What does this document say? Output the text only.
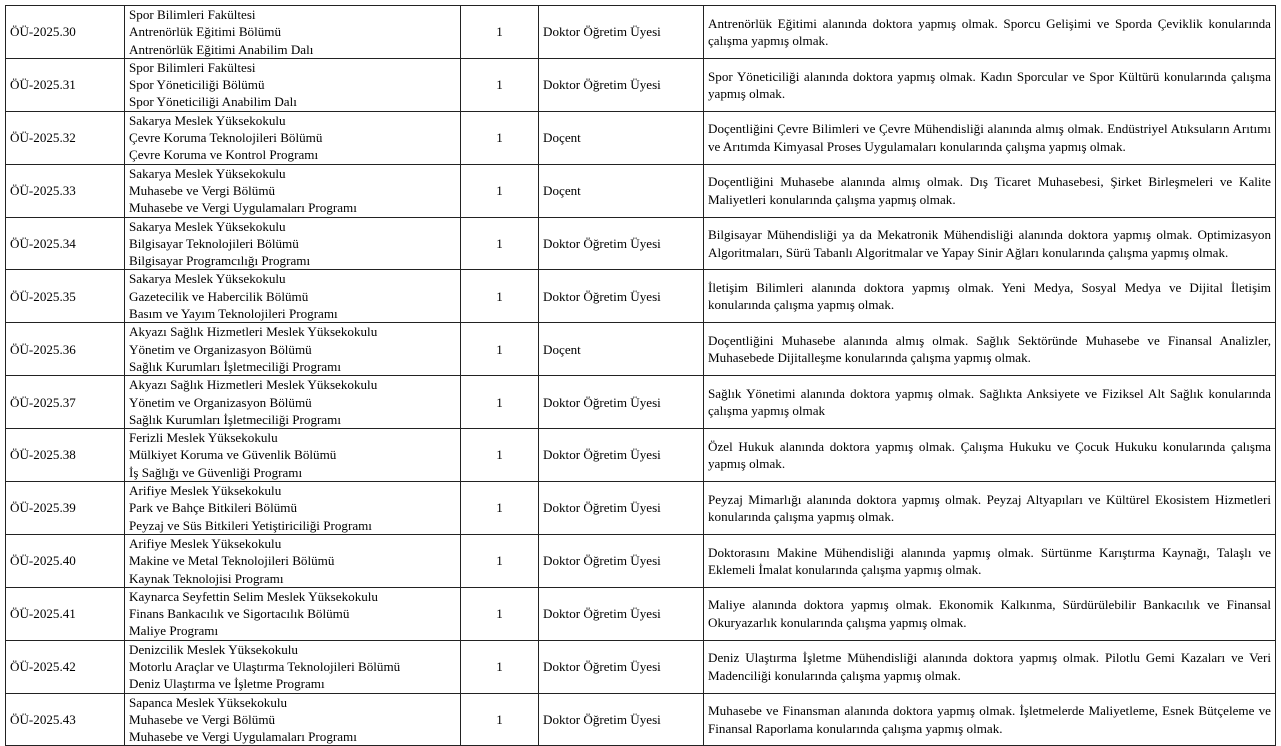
ÖÜ-2025.30	Spor Bilimleri Fakültesi
Antrenörlük Eğitimi Bölümü
Antrenörlük Eğitimi Anabilim Dalı	1	Doktor Öğretim Üyesi	Antrenörlük Eğitimi alanında doktora yapmış olmak. Sporcu Gelişimi ve Sporda Çeviklik konularında çalışma yapmış olmak.
ÖÜ-2025.31	Spor Bilimleri Fakültesi
Spor Yöneticiliği Bölümü
Spor Yöneticiliği Anabilim Dalı	1	Doktor Öğretim Üyesi	Spor Yöneticiliği alanında doktora yapmış olmak. Kadın Sporcular ve Spor Kültürü konularında çalışma yapmış olmak.
ÖÜ-2025.32	Sakarya Meslek Yüksekokulu
Çevre Koruma Teknolojileri Bölümü
Çevre Koruma ve Kontrol Programı	1	Doçent	Doçentliğini Çevre Bilimleri ve Çevre Mühendisliği alanında almış olmak. Endüstriyel Atıksuların Arıtımı ve Arıtımda Kimyasal Proses Uygulamaları konularında çalışma yapmış olmak.
ÖÜ-2025.33	Sakarya Meslek Yüksekokulu
Muhasebe ve Vergi Bölümü
Muhasebe ve Vergi Uygulamaları Programı	1	Doçent	Doçentliğini Muhasebe alanında almış olmak. Dış Ticaret Muhasebesi, Şirket Birleşmeleri ve Kalite Maliyetleri konularında çalışma yapmış olmak.
ÖÜ-2025.34	Sakarya Meslek Yüksekokulu
Bilgisayar Teknolojileri Bölümü
Bilgisayar Programcılığı Programı	1	Doktor Öğretim Üyesi	Bilgisayar Mühendisliği ya da Mekatronik Mühendisliği alanında doktora yapmış olmak. Optimizasyon Algoritmaları, Sürü Tabanlı Algoritmalar ve Yapay Sinir Ağları konularında çalışma yapmış olmak.
ÖÜ-2025.35	Sakarya Meslek Yüksekokulu
Gazetecilik ve Habercilik Bölümü
Basım ve Yayım Teknolojileri Programı	1	Doktor Öğretim Üyesi	İletişim Bilimleri alanında doktora yapmış olmak. Yeni Medya, Sosyal Medya ve Dijital İletişim konularında çalışma yapmış olmak.
ÖÜ-2025.36	Akyazı Sağlık Hizmetleri Meslek Yüksekokulu
Yönetim ve Organizasyon Bölümü
Sağlık Kurumları İşletmeciliği Programı	1	Doçent	Doçentliğini Muhasebe alanında almış olmak. Sağlık Sektöründe Muhasebe ve Finansal Analizler, Muhasebede Dijitalleşme konularında çalışma yapmış olmak.
ÖÜ-2025.37	Akyazı Sağlık Hizmetleri Meslek Yüksekokulu
Yönetim ve Organizasyon Bölümü
Sağlık Kurumları İşletmeciliği Programı	1	Doktor Öğretim Üyesi	Sağlık Yönetimi alanında doktora yapmış olmak. Sağlıkta Anksiyete ve Fiziksel Alt Sağlık konularında çalışma yapmış olmak
ÖÜ-2025.38	Ferizli Meslek Yüksekokulu
Mülkiyet Koruma ve Güvenlik Bölümü
İş Sağlığı ve Güvenliği Programı	1	Doktor Öğretim Üyesi	Özel Hukuk alanında doktora yapmış olmak. Çalışma Hukuku ve Çocuk Hukuku konularında çalışma yapmış olmak.
ÖÜ-2025.39	Arifiye Meslek Yüksekokulu
Park ve Bahçe Bitkileri Bölümü
Peyzaj ve Süs Bitkileri Yetiştiriciliği Programı	1	Doktor Öğretim Üyesi	Peyzaj Mimarlığı alanında doktora yapmış olmak. Peyzaj Altyapıları ve Kültürel Ekosistem Hizmetleri konularında çalışma yapmış olmak.
ÖÜ-2025.40	Arifiye Meslek Yüksekokulu
Makine ve Metal Teknolojileri Bölümü
Kaynak Teknolojisi Programı	1	Doktor Öğretim Üyesi	Doktorasını Makine Mühendisliği alanında yapmış olmak. Sürtünme Karıştırma Kaynağı, Talaşlı ve Eklemeli İmalat konularında çalışma yapmış olmak.
ÖÜ-2025.41	Kaynarca Seyfettin Selim Meslek Yüksekokulu
Finans Bankacılık ve Sigortacılık Bölümü
Maliye Programı	1	Doktor Öğretim Üyesi	Maliye alanında doktora yapmış olmak. Ekonomik Kalkınma, Sürdürülebilir Bankacılık ve Finansal Okuryazarlık konularında çalışma yapmış olmak.
ÖÜ-2025.42	Denizcilik Meslek Yüksekokulu
Motorlu Araçlar ve Ulaştırma Teknolojileri Bölümü
Deniz Ulaştırma ve İşletme Programı	1	Doktor Öğretim Üyesi	Deniz Ulaştırma İşletme Mühendisliği alanında doktora yapmış olmak. Pilotlu Gemi Kazaları ve Veri Madenciliği konularında çalışma yapmış olmak.
ÖÜ-2025.43	Sapanca Meslek Yüksekokulu
Muhasebe ve Vergi Bölümü
Muhasebe ve Vergi Uygulamaları Programı	1	Doktor Öğretim Üyesi	Muhasebe ve Finansman alanında doktora yapmış olmak. İşletmelerde Maliyetleme, Esnek Bütçeleme ve Finansal Raporlama konularında çalışma yapmış olmak.
